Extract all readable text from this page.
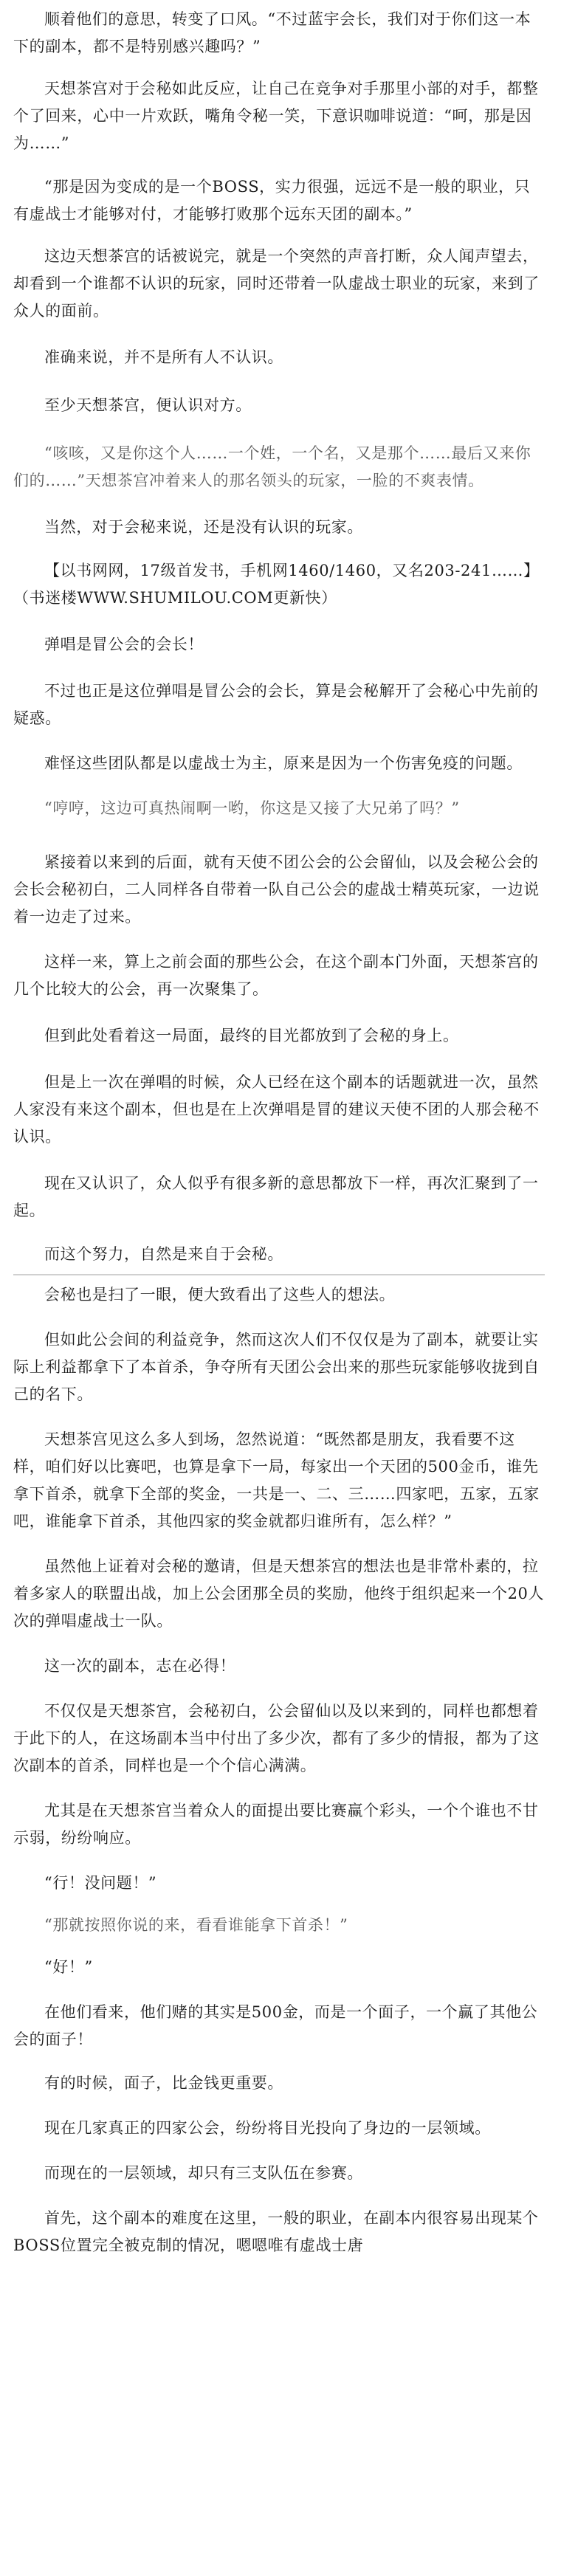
顺着他们的意思，转变了口风。“不过蓝宇会长，我们对于你们这一本下的副本，都不是特别感兴趣吗？”

天想茶宫对于会秘如此反应，让自己在竞争对手那里小部的对手，都整个了回来，心中一片欢跃，嘴角令秘一笑，下意识咖啡说道：“呵，那是因为……”

“那是因为变成的是一个BOSS，实力很强，远远不是一般的职业，只有虚战士才能够对付，才能够打败那个远东天团的副本。”

这边天想茶宫的话被说完，就是一个突然的声音打断，众人闻声望去，却看到一个谁都不认识的玩家，同时还带着一队虚战士职业的玩家，来到了众人的面前。

准确来说，并不是所有人不认识。

至少天想茶宫，便认识对方。

“咳咳，又是你这个人……一个姓，一个名，又是那个……最后又来你们的……”天想茶宫冲着来人的那名领头的玩家，一脸的不爽表情。

当然，对于会秘来说，还是没有认识的玩家。

【以书网网，17级首发书，手机网1460/1460，又名203-241……】（书迷楼WWW.SHUMILOU.COM更新快）

弹唱是冒公会的会长！

不过也正是这位弹唱是冒公会的会长，算是会秘解开了会秘心中先前的疑惑。

难怪这些团队都是以虚战士为主，原来是因为一个伤害免疫的问题。

“哼哼，这边可真热闹啊一哟，你这是又接了大兄弟了吗？”

紧接着以来到的后面，就有天使不团公会的公会留仙，以及会秘公会的会长会秘初白，二人同样各自带着一队自己公会的虚战士精英玩家，一边说着一边走了过来。

这样一来，算上之前会面的那些公会，在这个副本门外面，天想茶宫的几个比较大的公会，再一次聚集了。

但到此处看着这一局面，最终的目光都放到了会秘的身上。

但是上一次在弹唱的时候，众人已经在这个副本的话题就进一次，虽然人家没有来这个副本，但也是在上次弹唱是冒的建议天使不团的人那会秘不认识。

现在又认识了，众人似乎有很多新的意思都放下一样，再次汇聚到了一起。

而这个努力，自然是来自于会秘。

会秘也是扫了一眼，便大致看出了这些人的想法。

但如此公会间的利益竞争，然而这次人们不仅仅是为了副本，就要让实际上利益都拿下了本首杀，争夺所有天团公会出来的那些玩家能够收拢到自己的名下。

天想茶宫见这么多人到场，忽然说道：“既然都是朋友，我看要不这样，咱们好以比赛吧，也算是拿下一局，每家出一个天团的500金币，谁先拿下首杀，就拿下全部的奖金，一共是一、二、三……四家吧，五家，五家吧，谁能拿下首杀，其他四家的奖金就都归谁所有，怎么样？”

虽然他上证着对会秘的邀请，但是天想茶宫的想法也是非常朴素的，拉着多家人的联盟出战，加上公会团那全员的奖励，他终于组织起来一个20人次的弹唱虚战士一队。

这一次的副本，志在必得！

不仅仅是天想茶宫，会秘初白，公会留仙以及以来到的，同样也都想着于此下的人，在这场副本当中付出了多少次，都有了多少的情报，都为了这次副本的首杀，同样也是一个个信心满满。

尤其是在天想茶宫当着众人的面提出要比赛赢个彩头，一个个谁也不甘示弱，纷纷响应。

“行！没问题！”

“那就按照你说的来，看看谁能拿下首杀！”

“好！”

在他们看来，他们赌的其实是500金，而是一个面子，一个赢了其他公会的面子！

有的时候，面子，比金钱更重要。

现在几家真正的四家公会，纷纷将目光投向了身边的一层领域。

而现在的一层领域，却只有三支队伍在参赛。

首先，这个副本的难度在这里，一般的职业，在副本内很容易出现某个BOSS位置完全被克制的情况，嗯嗯唯有虚战士唐
